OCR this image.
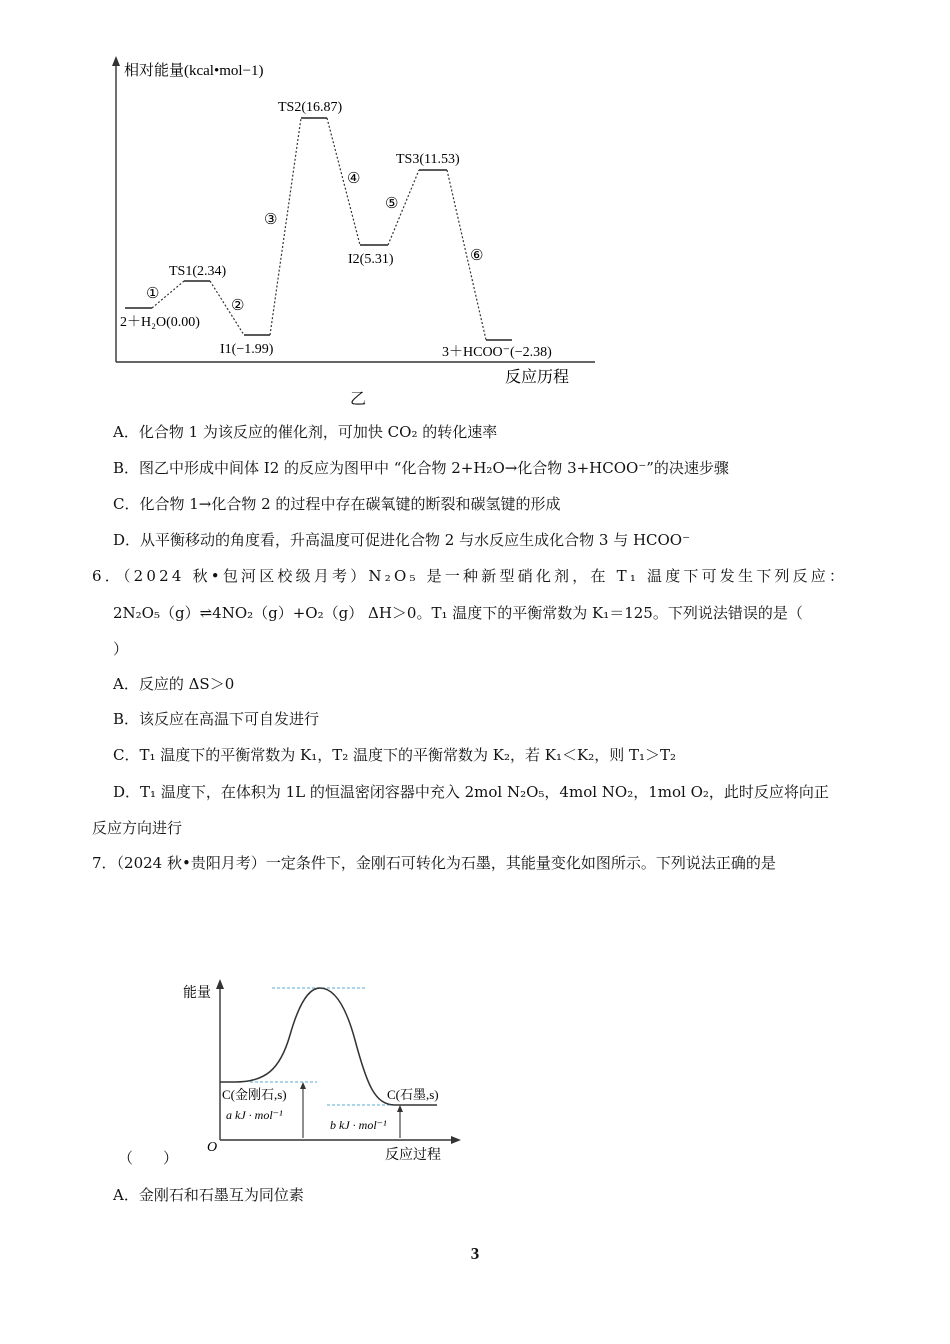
相对能量(kcal•mol−1)
反应历程
2＋H₂O(0.00)
TS1(2.34)
I1(−1.99)
TS2(16.87)
I2(5.31)
TS3(11.53)
3＋HCOO⁻(−2.38)
①
②
③
④
⑤
⑥
乙
A．化合物 1 为该反应的催化剂，可加快 CO₂ 的转化速率
B．图乙中形成中间体 I2 的反应为图甲中 “化合物 2+H₂O→化合物 3+HCOO⁻”的决速步骤
C．化合物 1→化合物 2 的过程中存在碳氧键的断裂和碳氢键的形成
D．从平衡移动的角度看，升高温度可促进化合物 2 与水反应生成化合物 3 与 HCOO⁻
6．（2024 秋•包河区校级月考）N₂O₅ 是一种新型硝化剂，在 T₁ 温度下可发生下列反应：
2N₂O₅（g）⇌4NO₂（g）+O₂（g） ΔH＞0。T₁ 温度下的平衡常数为 K₁＝125。下列说法错误的是（
）
A．反应的 ΔS＞0
B．该反应在高温下可自发进行
C．T₁ 温度下的平衡常数为 K₁，T₂ 温度下的平衡常数为 K₂，若 K₁＜K₂，则 T₁＞T₂
D．T₁ 温度下，在体积为 1L 的恒温密闭容器中充入 2mol N₂O₅，4mol NO₂，1mol O₂，此时反应将向正
反应方向进行
7．（2024 秋•贵阳月考）一定条件下，金刚石可转化为石墨，其能量变化如图所示。下列说法正确的是
能量
O
反应过程
C(金刚石,s)	C(石墨,s)
a kJ · mol⁻¹
b kJ · mol⁻¹
（　　）
A．金刚石和石墨互为同位素
3
